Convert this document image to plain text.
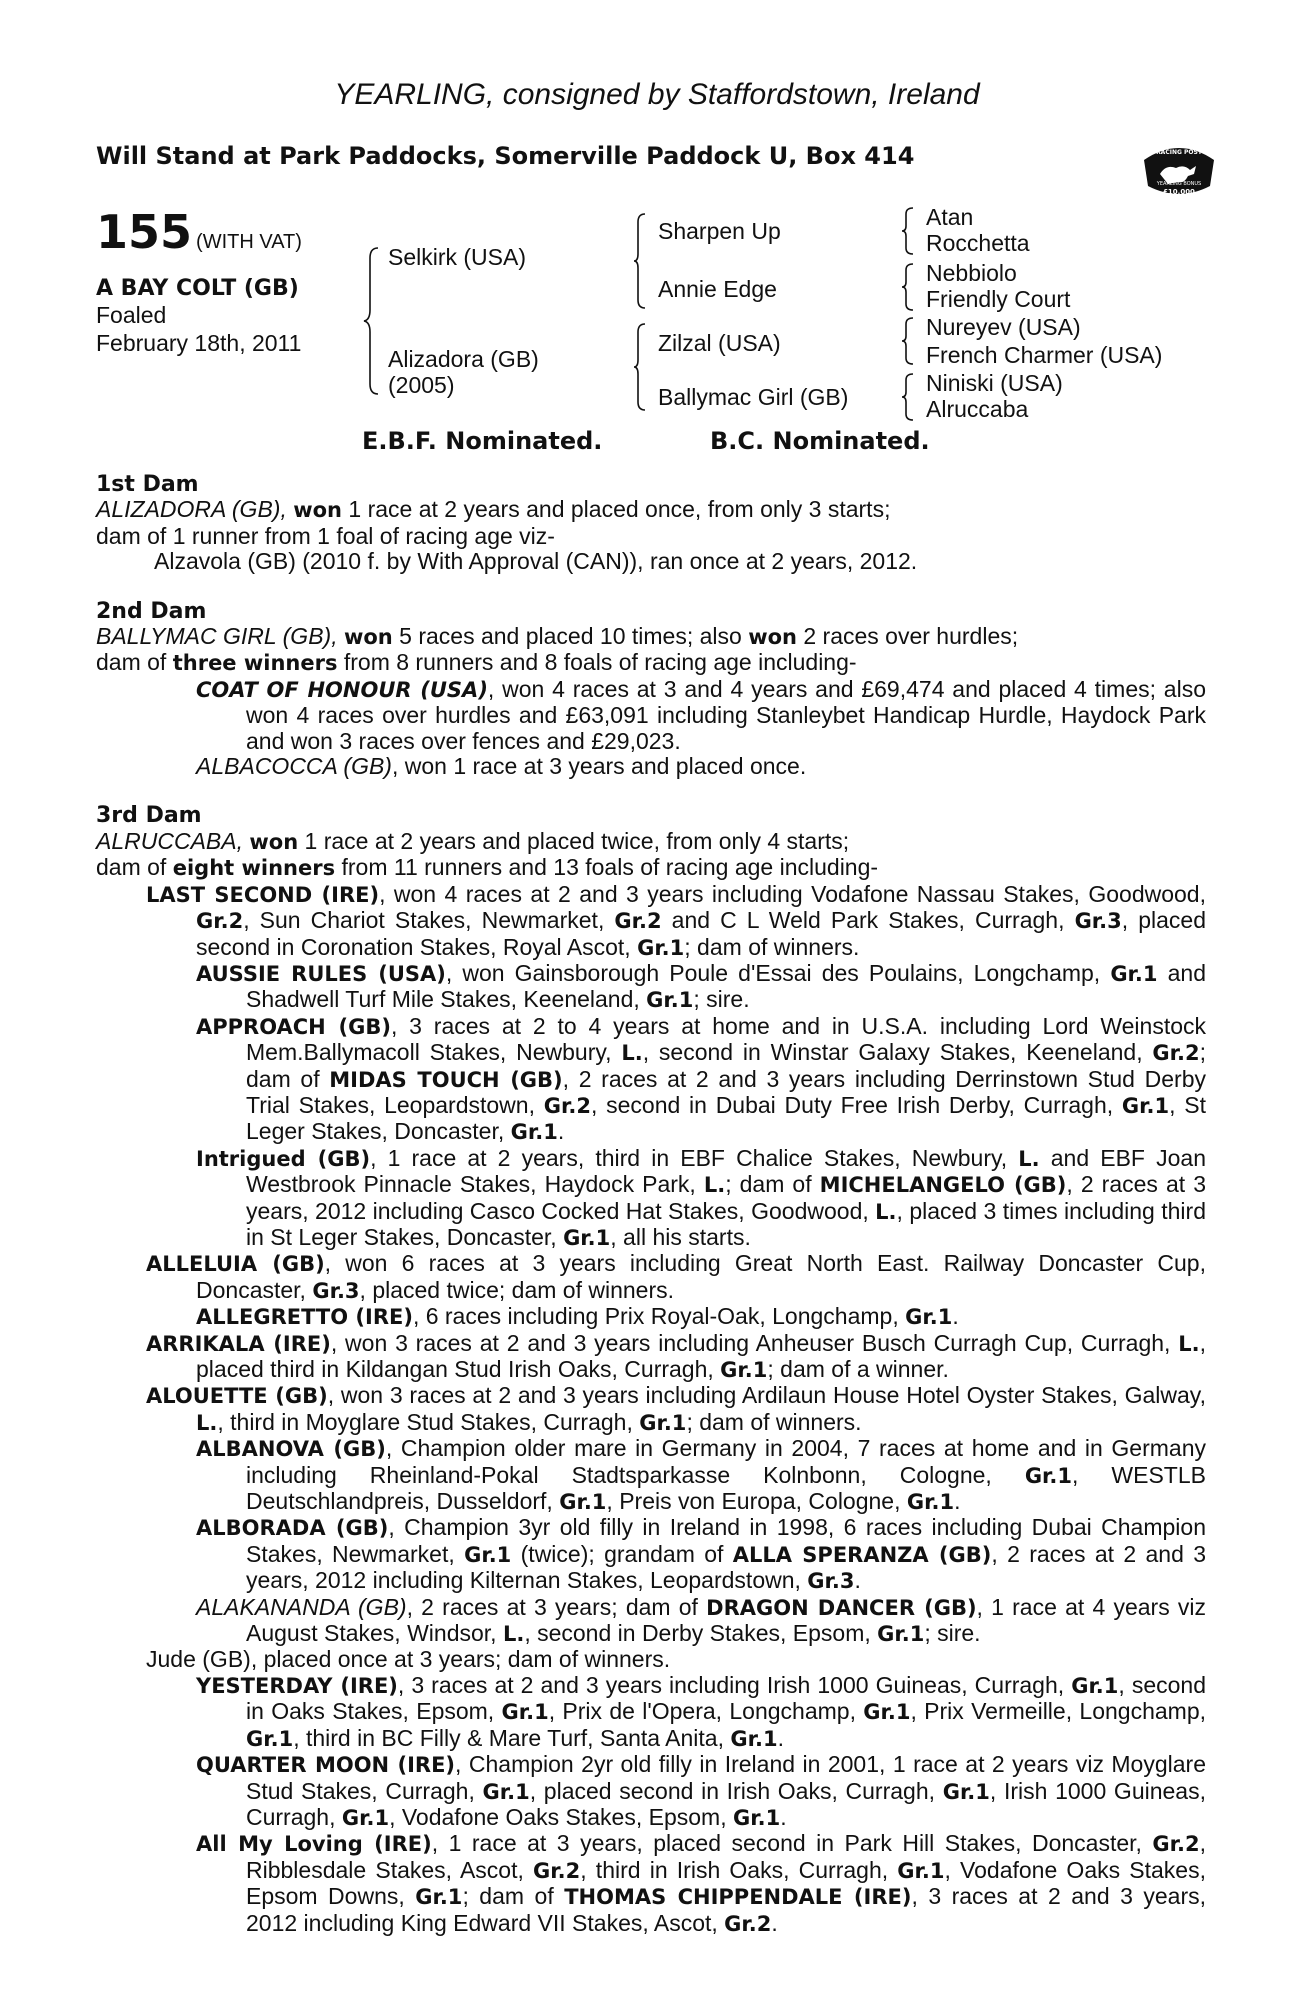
YEARLING, consigned by Staffordstown, Ireland
Will Stand at Park Paddocks, Somerville Paddock U, Box 414	RACING POST
YEARLING BONUS
£10,000
155 (WITH VAT)
A BAY COLT (GB)
Foaled
February 18th, 2011
Selkirk (USA)
Alizadora (GB)
(2005)
Sharpen Up
Annie Edge
Zilzal (USA)
Ballymac Girl (GB)
Atan
Rocchetta
Nebbiolo
Friendly Court
Nureyev (USA)
French Charmer (USA)
Niniski (USA)
Alruccaba
E.B.F. Nominated.	B.C. Nominated.
1st Dam

ALIZADORA (GB), won 1 race at 2 years and placed once, from only 3 starts;
dam of 1 runner from 1 foal of racing age viz-

Alzavola (GB) (2010 f. by With Approval (CAN)), ran once at 2 years, 2012.

2nd Dam

BALLYMAC GIRL (GB), won 5 races and placed 10 times; also won 2 races over hurdles;
dam of three winners from 8 runners and 8 foals of racing age including-

COAT OF HONOUR (USA), won 4 races at 3 and 4 years and £69,474 and placed 4 times; also won 4 races over hurdles and £63,091 including Stanleybet Handicap Hurdle, Haydock Park and won 3 races over fences and £29,023.

ALBACOCCA (GB), won 1 race at 3 years and placed once.

3rd Dam

ALRUCCABA, won 1 race at 2 years and placed twice, from only 4 starts;
dam of eight winners from 11 runners and 13 foals of racing age including-

LAST SECOND (IRE), won 4 races at 2 and 3 years including Vodafone Nassau Stakes, Goodwood, Gr.2, Sun Chariot Stakes, Newmarket, Gr.2 and C L Weld Park Stakes, Curragh, Gr.3, placed second in Coronation Stakes, Royal Ascot, Gr.1; dam of winners.

AUSSIE RULES (USA), won Gainsborough Poule d'Essai des Poulains, Longchamp, Gr.1 and Shadwell Turf Mile Stakes, Keeneland, Gr.1; sire.

APPROACH (GB), 3 races at 2 to 4 years at home and in U.S.A. including Lord Weinstock Mem.Ballymacoll Stakes, Newbury, L., second in Winstar Galaxy Stakes, Keeneland, Gr.2; dam of MIDAS TOUCH (GB), 2 races at 2 and 3 years including Derrinstown Stud Derby Trial Stakes, Leopardstown, Gr.2, second in Dubai Duty Free Irish Derby, Curragh, Gr.1, St Leger Stakes, Doncaster, Gr.1.

Intrigued (GB), 1 race at 2 years, third in EBF Chalice Stakes, Newbury, L. and EBF Joan Westbrook Pinnacle Stakes, Haydock Park, L.; dam of MICHELANGELO (GB), 2 races at 3 years, 2012 including Casco Cocked Hat Stakes, Goodwood, L., placed 3 times including third in St Leger Stakes, Doncaster, Gr.1, all his starts.

ALLELUIA (GB), won 6 races at 3 years including Great North East. Railway Doncaster Cup, Doncaster, Gr.3, placed twice; dam of winners.

ALLEGRETTO (IRE), 6 races including Prix Royal-Oak, Longchamp, Gr.1.

ARRIKALA (IRE), won 3 races at 2 and 3 years including Anheuser Busch Curragh Cup, Curragh, L., placed third in Kildangan Stud Irish Oaks, Curragh, Gr.1; dam of a winner.

ALOUETTE (GB), won 3 races at 2 and 3 years including Ardilaun House Hotel Oyster Stakes, Galway, L., third in Moyglare Stud Stakes, Curragh, Gr.1; dam of winners.

ALBANOVA (GB), Champion older mare in Germany in 2004, 7 races at home and in Germany including Rheinland-Pokal Stadtsparkasse Kolnbonn, Cologne, Gr.1, WESTLB Deutschlandpreis, Dusseldorf, Gr.1, Preis von Europa, Cologne, Gr.1.

ALBORADA (GB), Champion 3yr old filly in Ireland in 1998, 6 races including Dubai Champion Stakes, Newmarket, Gr.1 (twice); grandam of ALLA SPERANZA (GB), 2 races at 2 and 3 years, 2012 including Kilternan Stakes, Leopardstown, Gr.3.

ALAKANANDA (GB), 2 races at 3 years; dam of DRAGON DANCER (GB), 1 race at 4 years viz August Stakes, Windsor, L., second in Derby Stakes, Epsom, Gr.1; sire.

Jude (GB), placed once at 3 years; dam of winners.

YESTERDAY (IRE), 3 races at 2 and 3 years including Irish 1000 Guineas, Curragh, Gr.1, second in Oaks Stakes, Epsom, Gr.1, Prix de l'Opera, Longchamp, Gr.1, Prix Vermeille, Longchamp, Gr.1, third in BC Filly & Mare Turf, Santa Anita, Gr.1.

QUARTER MOON (IRE), Champion 2yr old filly in Ireland in 2001, 1 race at 2 years viz Moyglare Stud Stakes, Curragh, Gr.1, placed second in Irish Oaks, Curragh, Gr.1, Irish 1000 Guineas, Curragh, Gr.1, Vodafone Oaks Stakes, Epsom, Gr.1.

All My Loving (IRE), 1 race at 3 years, placed second in Park Hill Stakes, Doncaster, Gr.2, Ribblesdale Stakes, Ascot, Gr.2, third in Irish Oaks, Curragh, Gr.1, Vodafone Oaks Stakes, Epsom Downs, Gr.1; dam of THOMAS CHIPPENDALE (IRE), 3 races at 2 and 3 years, 2012 including King Edward VII Stakes, Ascot, Gr.2.
